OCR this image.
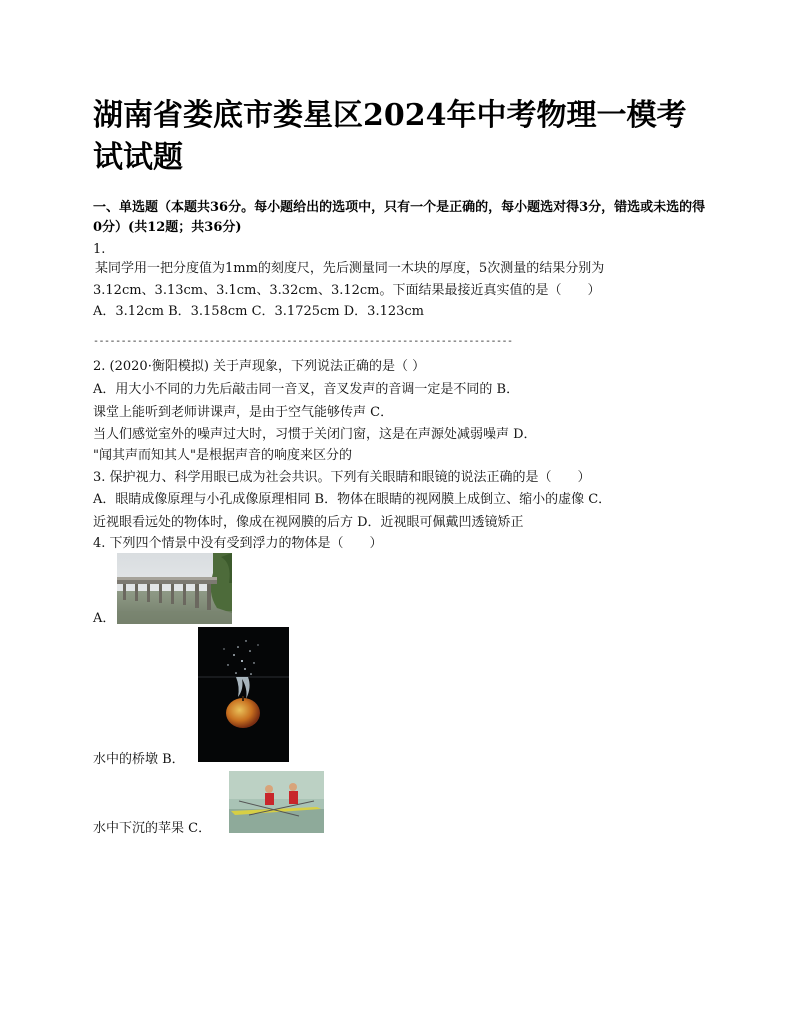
湖南省娄底市娄星区2024年中考物理一模考试试题
一、单选题（本题共36分。每小题给出的选项中，只有一个是正确的，每小题选对得3分，错选或未选的得0分）(共12题；共36分)
1.
某同学用一把分度值为1mm的刻度尺，先后测量同一木块的厚度，5次测量的结果分别为
3.12cm、3.13cm、3.1cm、3.32cm、3.12cm。下面结果最接近真实值的是（　　）
A．3.12cm B．3.158cm C．3.1725cm D．3.123cm
----------------------------------------------------------------------------
2. (2020·衡阳模拟) 关于声现象，下列说法正确的是（ ）
A．用大小不同的力先后敲击同一音叉，音叉发声的音调一定是不同的 B．
课堂上能听到老师讲课声，是由于空气能够传声 C．
当人们感觉室外的噪声过大时，习惯于关闭门窗，这是在声源处减弱噪声 D．
"闻其声而知其人"是根据声音的响度来区分的
3. 保护视力、科学用眼已成为社会共识。下列有关眼睛和眼镜的说法正确的是（　　）
A．眼睛成像原理与小孔成像原理相同 B．物体在眼睛的视网膜上成倒立、缩小的虚像 C．
近视眼看远处的物体时，像成在视网膜的后方 D．近视眼可佩戴凹透镜矫正
4. 下列四个情景中没有受到浮力的物体是（　　）
A．
水中的桥墩 B．
水中下沉的苹果 C．
